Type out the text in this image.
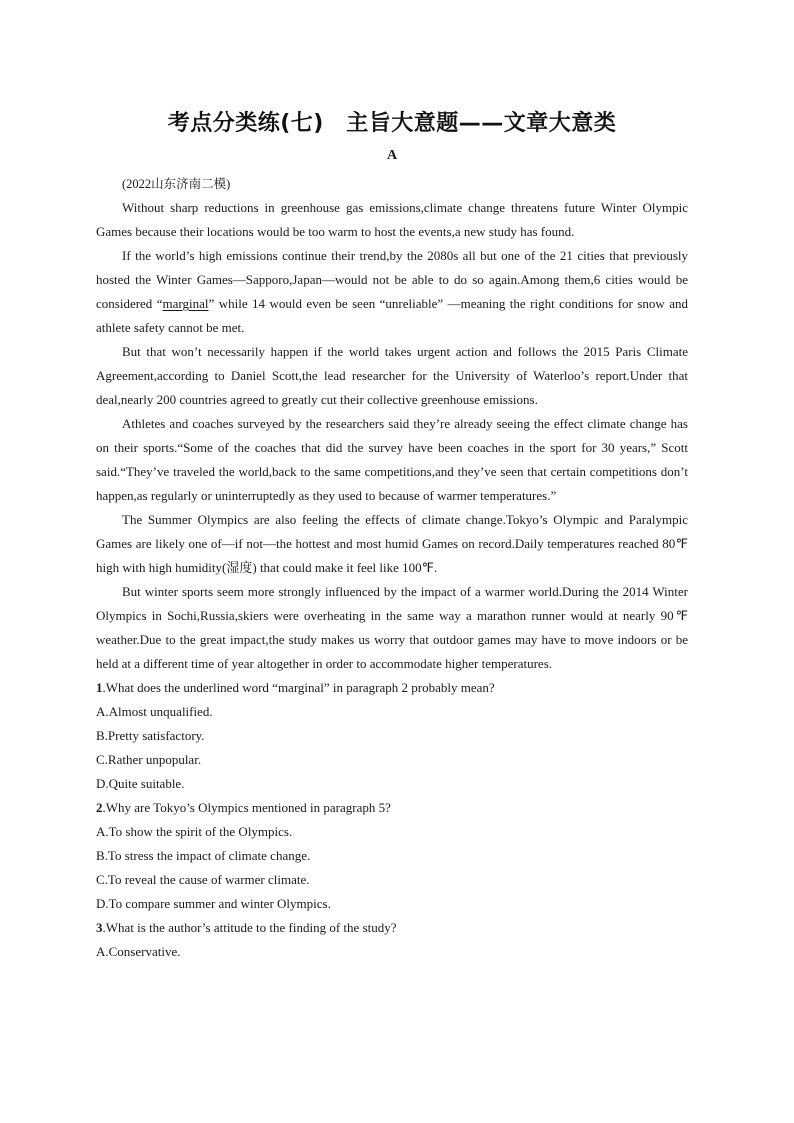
考点分类练(七)　主旨大意题——文章大意类
A

(2022山东济南二模)

Without sharp reductions in greenhouse gas emissions,climate change threatens future Winter Olympic Games because their locations would be too warm to host the events,a new study has found.

If the world’s high emissions continue their trend,by the 2080s all but one of the 21 cities that previously hosted the Winter Games—Sapporo,Japan—would not be able to do so again.Among them,6 cities would be considered “marginal” while 14 would even be seen “unreliable” —meaning the right conditions for snow and athlete safety cannot be met.

But that won’t necessarily happen if the world takes urgent action and follows the 2015 Paris Climate Agreement,according to Daniel Scott,the lead researcher for the University of Waterloo’s report.Under that deal,nearly 200 countries agreed to greatly cut their collective greenhouse emissions.

Athletes and coaches surveyed by the researchers said they’re already seeing the effect climate change has on their sports.“Some of the coaches that did the survey have been coaches in the sport for 30 years,” Scott said.“They’ve traveled the world,back to the same competitions,and they’ve seen that certain competitions don’t happen,as regularly or uninterruptedly as they used to because of warmer temperatures.”

The Summer Olympics are also feeling the effects of climate change.Tokyo’s Olympic and Paralympic Games are likely one of—if not—the hottest and most humid Games on record.Daily temperatures reached 80℉ high with high humidity(湿度) that could make it feel like 100℉.

But winter sports seem more strongly influenced by the impact of a warmer world.During the 2014 Winter Olympics in Sochi,Russia,skiers were overheating in the same way a marathon runner would at nearly 90℉ weather.Due to the great impact,the study makes us worry that outdoor games may have to move indoors or be held at a different time of year altogether in order to accommodate higher temperatures.

1.What does the underlined word “marginal” in paragraph 2 probably mean?
A.Almost unqualified.
B.Pretty satisfactory.
C.Rather unpopular.
D.Quite suitable.
2.Why are Tokyo’s Olympics mentioned in paragraph 5?
A.To show the spirit of the Olympics.
B.To stress the impact of climate change.
C.To reveal the cause of warmer climate.
D.To compare summer and winter Olympics.
3.What is the author’s attitude to the finding of the study?
A.Conservative.
